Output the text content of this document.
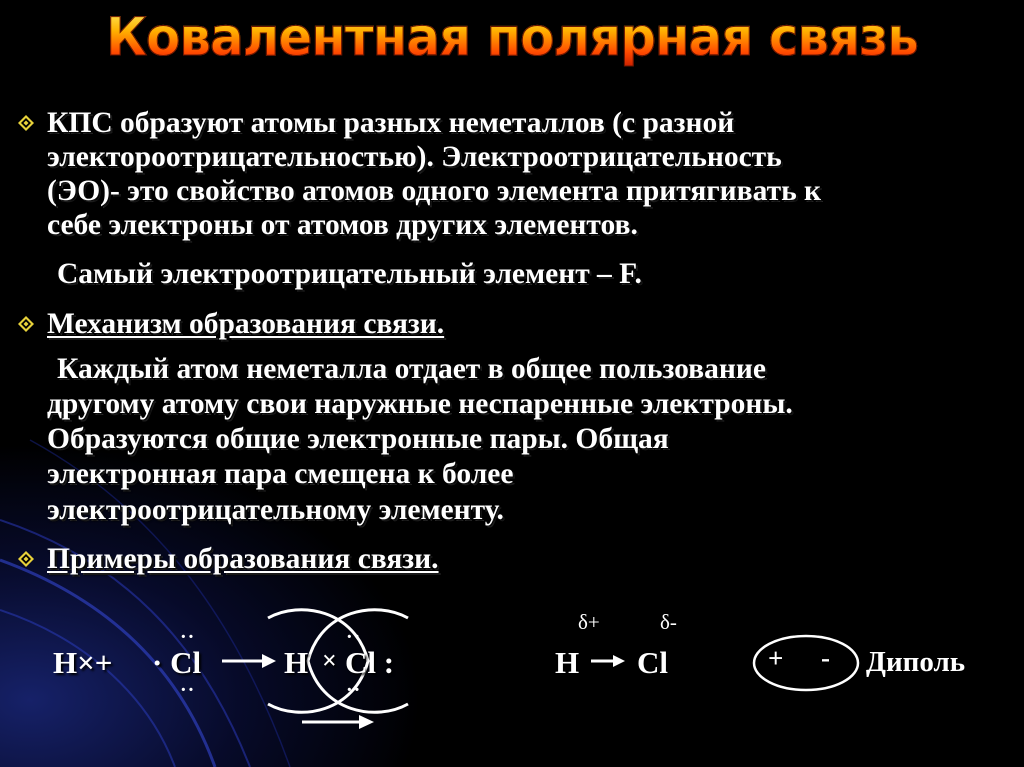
Ковалентная полярная связь
КПС образуют атомы разных неметаллов (с разной
электороотрицательностью). Электроотрицательность
(ЭО)- это свойство атомов одного элемента притягивать к
себе электроны от атомов других элементов.
Самый электроотрицательный элемент – F.
Механизм образования связи.
Каждый атом неметалла отдает в общее пользование
другому атому свои наружные неспаренные электроны.
Образуются общие электронные пары. Общая
электронная пара смещена к более
электроотрицательному элементу.
Примеры образования связи.
H×+ · Cl
··
··
H × Cl :
··
··
δ+	δ-
H Cl	+ - Диполь
